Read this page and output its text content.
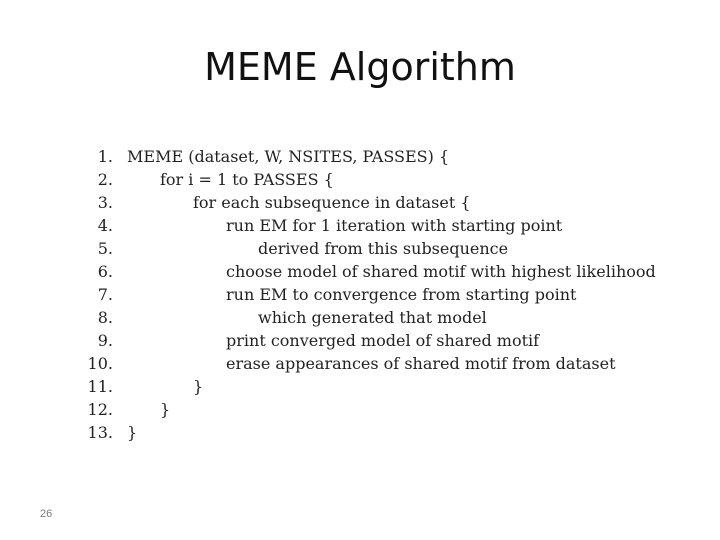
MEME Algorithm
1. MEME (dataset, W, NSITES, PASSES) {
2.	for i = 1 to PASSES {
3.	for each subsequence in dataset {
4.	run EM for 1 iteration with starting point
5.	derived from this subsequence
6.	choose model of shared motif with highest likelihood
7.	run EM to convergence from starting point
8.	which generated that model
9.	print converged model of shared motif
10.	erase appearances of shared motif from dataset
11.	}
12.	}
13. }
26
